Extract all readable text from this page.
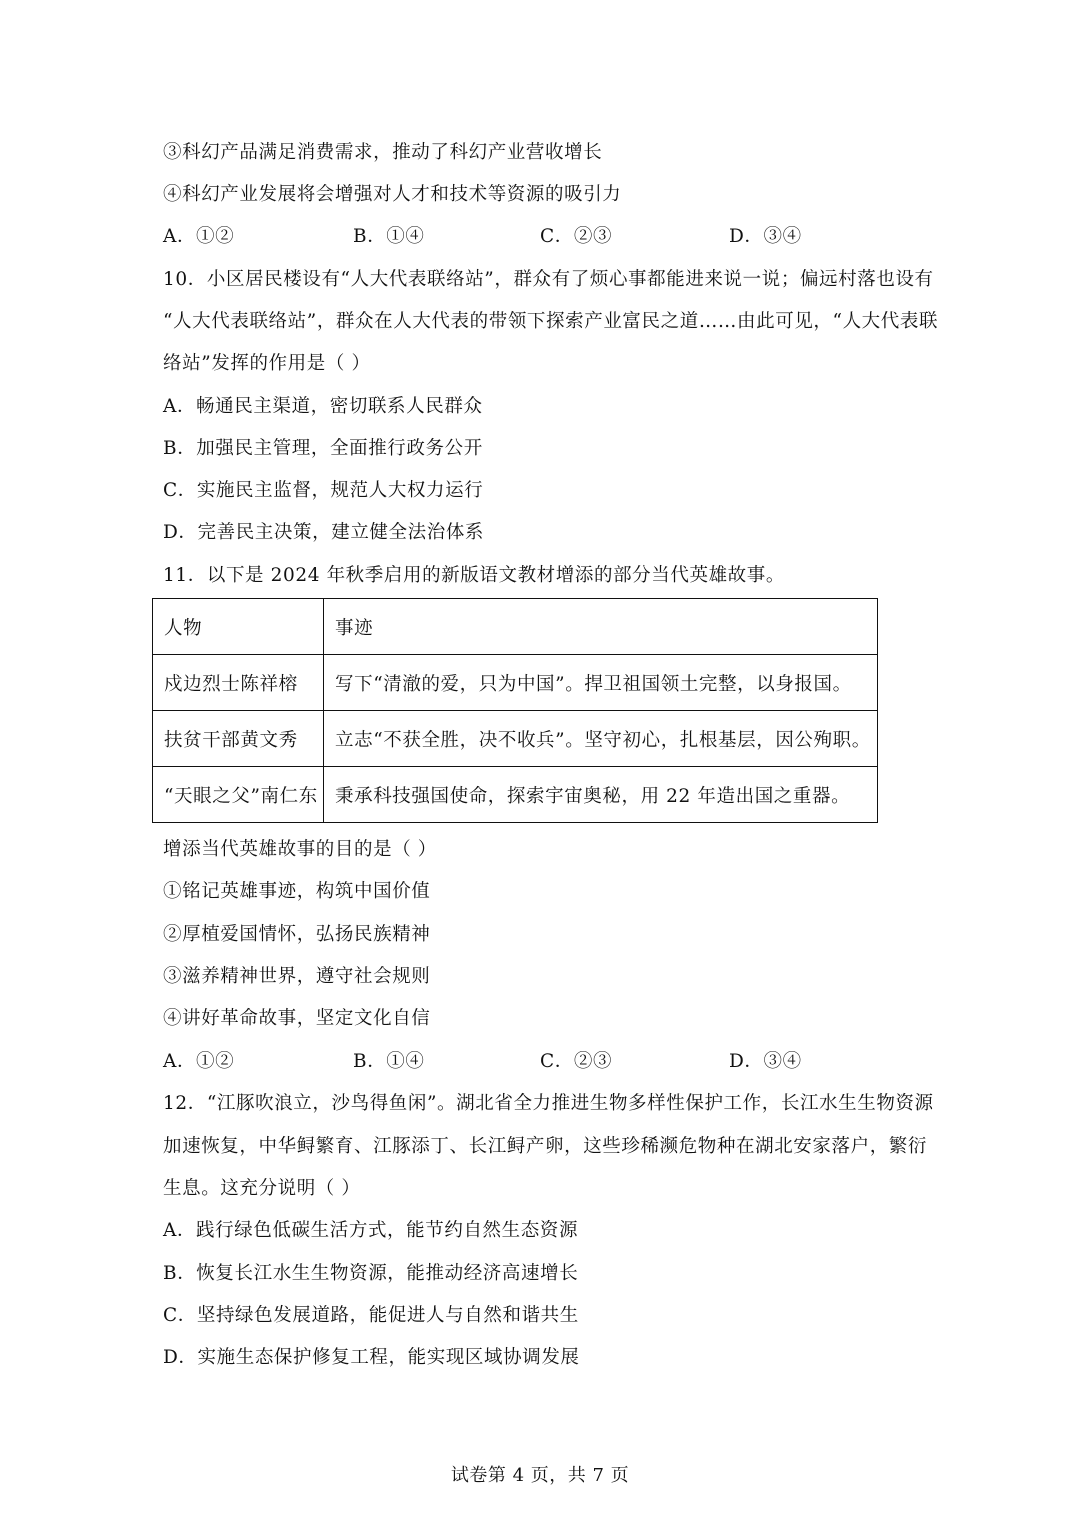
③科幻产品满足消费需求，推动了科幻产业营收增长
④科幻产业发展将会增强对人才和技术等资源的吸引力
A．①②	B．①④	C．②③	D．③④
10．小区居民楼设有“人大代表联络站”，群众有了烦心事都能进来说一说；偏远村落也设有
“人大代表联络站”，群众在人大代表的带领下探索产业富民之道……由此可见，“人大代表联
络站”发挥的作用是（ ）
A．畅通民主渠道，密切联系人民群众
B．加强民主管理，全面推行政务公开
C．实施民主监督，规范人大权力运行
D．完善民主决策，建立健全法治体系
11．以下是 2024 年秋季启用的新版语文教材增添的部分当代英雄故事。
人物	事迹
戍边烈士陈祥榕	写下“清澈的爱，只为中国”。捍卫祖国领土完整，以身报国。
扶贫干部黄文秀	立志“不获全胜，决不收兵”。坚守初心，扎根基层，因公殉职。
“天眼之父”南仁东	秉承科技强国使命，探索宇宙奥秘，用 22 年造出国之重器。
增添当代英雄故事的目的是（ ）
①铭记英雄事迹，构筑中国价值
②厚植爱国情怀，弘扬民族精神
③滋养精神世界，遵守社会规则
④讲好革命故事，坚定文化自信
A．①②	B．①④	C．②③	D．③④
12．“江豚吹浪立，沙鸟得鱼闲”。湖北省全力推进生物多样性保护工作，长江水生生物资源
加速恢复，中华鲟繁育、江豚添丁、长江鲟产卵，这些珍稀濒危物种在湖北安家落户，繁衍
生息。这充分说明（ ）
A．践行绿色低碳生活方式，能节约自然生态资源
B．恢复长江水生生物资源，能推动经济高速增长
C．坚持绿色发展道路，能促进人与自然和谐共生
D．实施生态保护修复工程，能实现区域协调发展
试卷第 4 页，共 7 页
